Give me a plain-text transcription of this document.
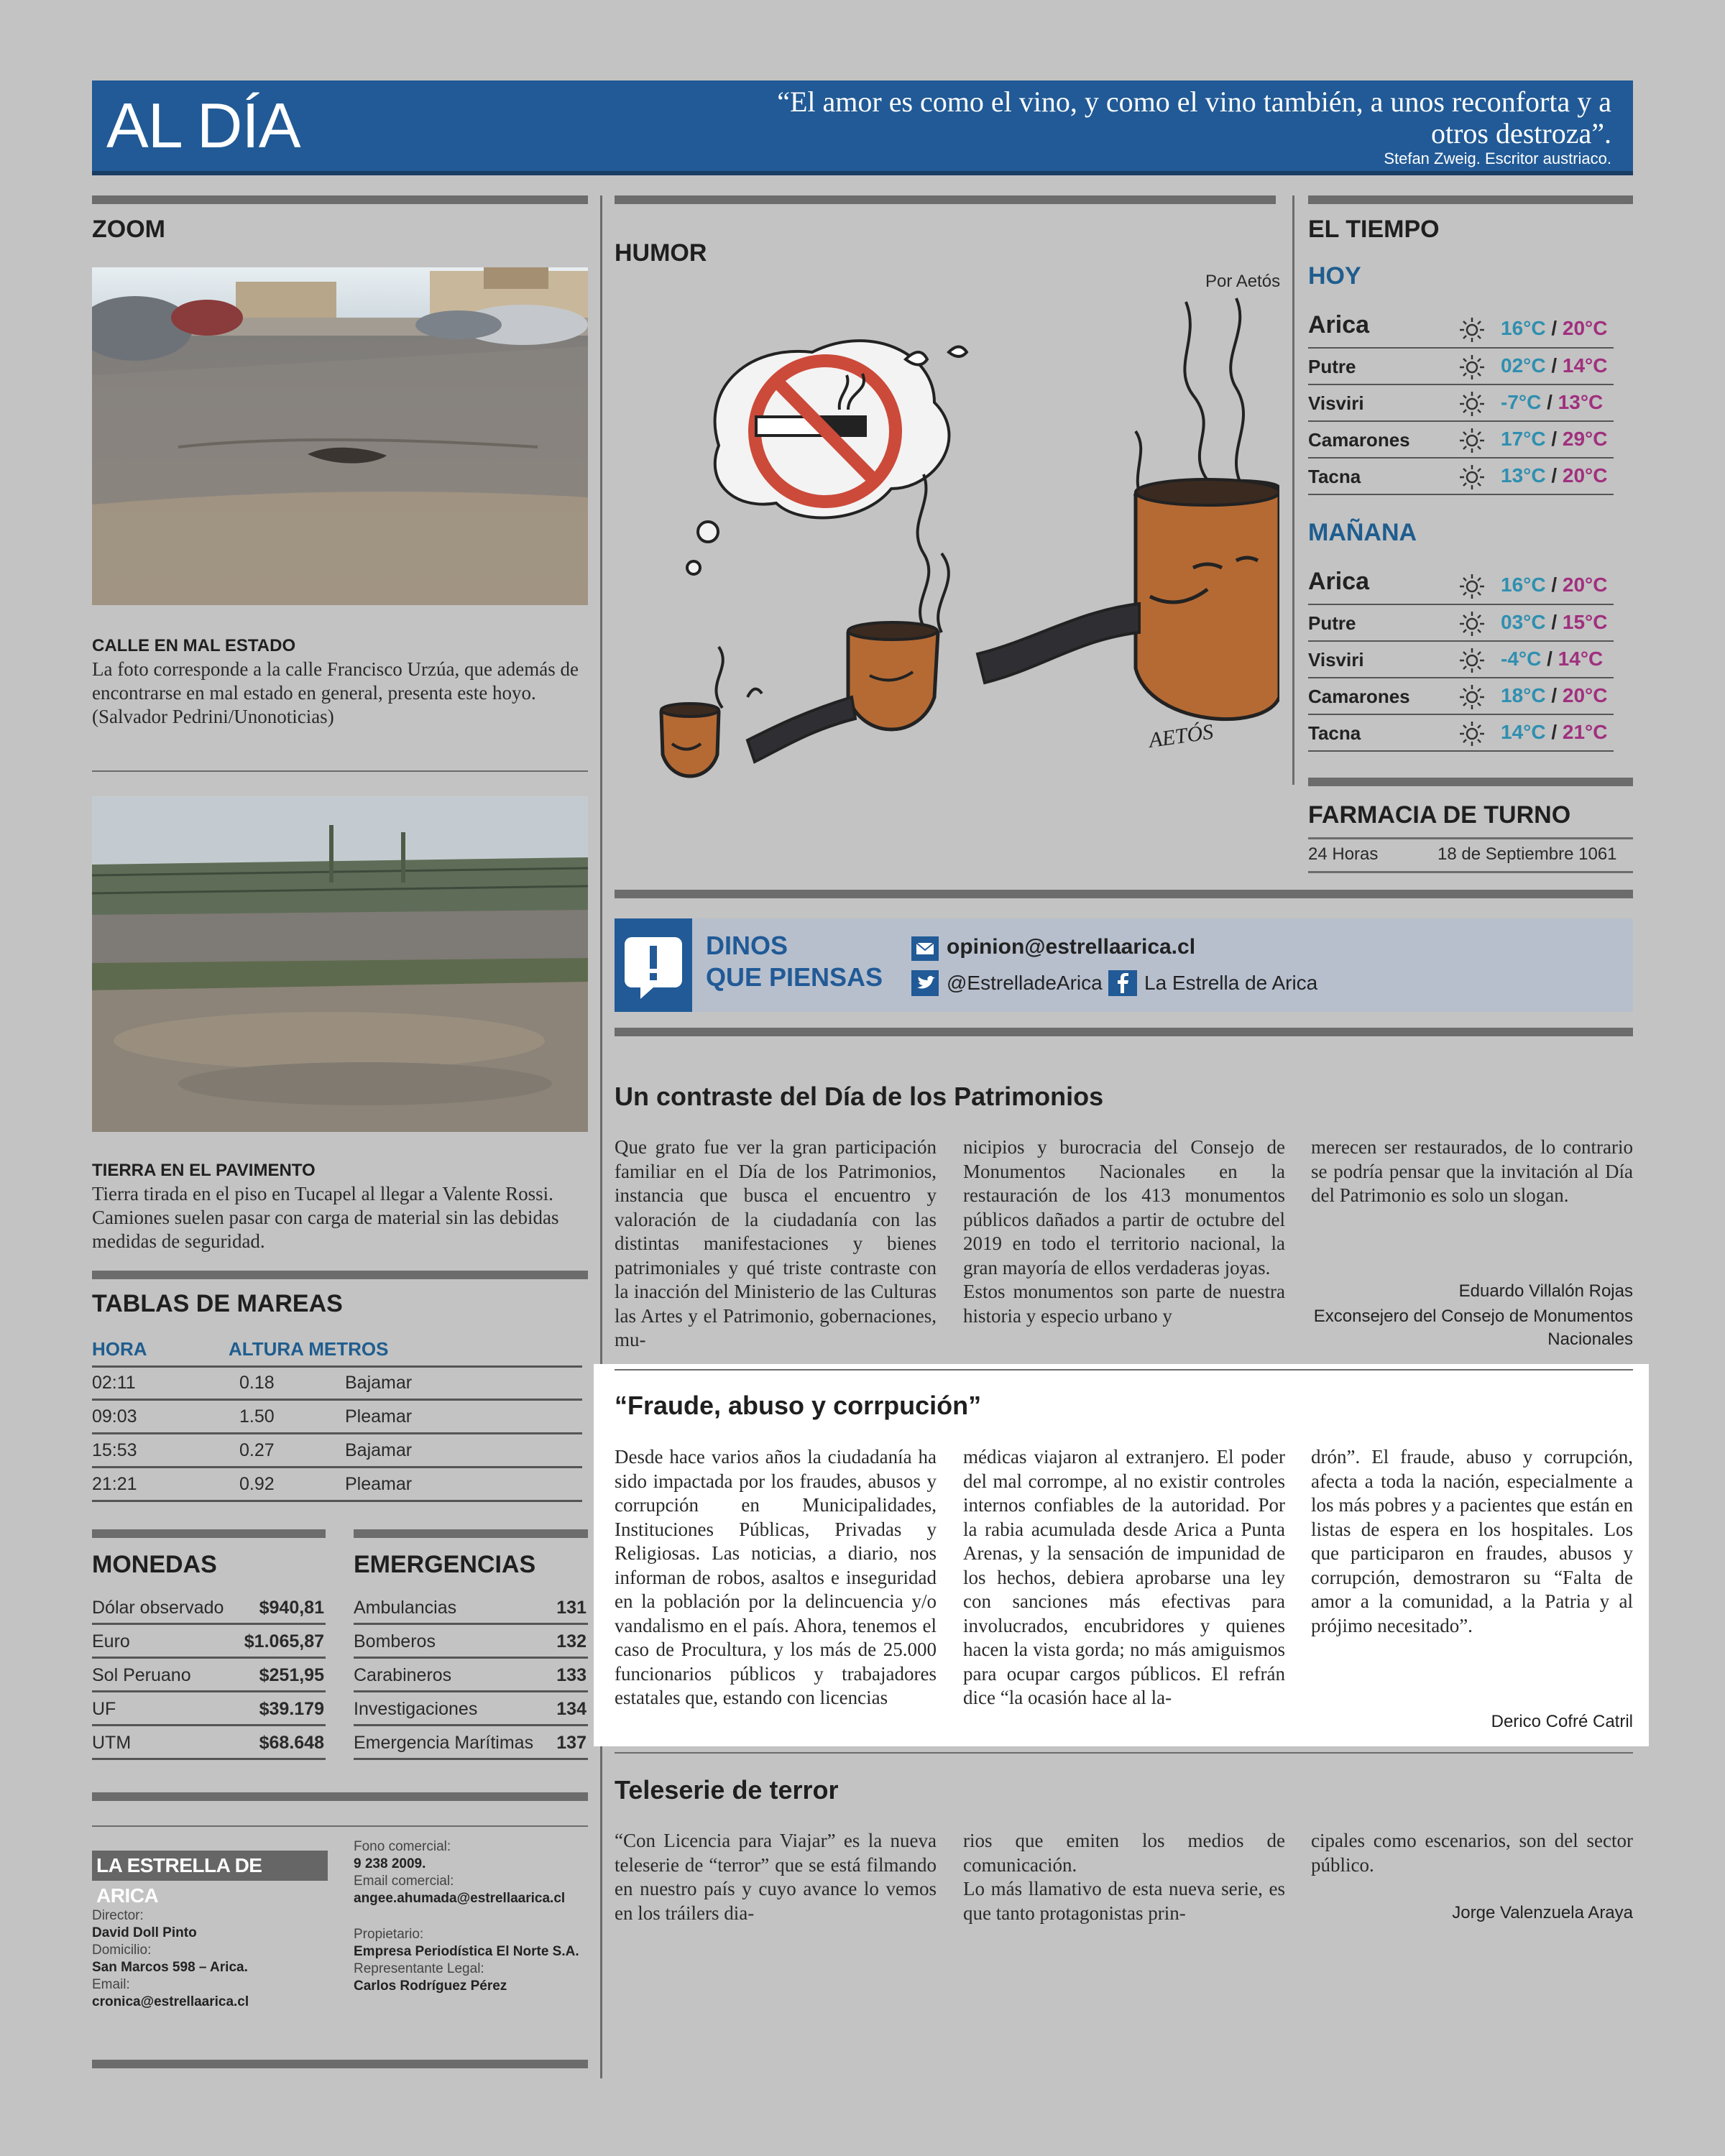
AL DÍA	“El amor es como el vino, y como el vino también, a unos reconforta y a otros destroza”.
Stefan Zweig. Escritor austriaco.
ZOOM
CALLE EN MAL ESTADO
La foto corresponde a la calle Francisco Urzúa, que además de encontrarse en mal estado en general, presenta este hoyo. (Salvador Pedrini/Unonoticias)
TIERRA EN EL PAVIMENTO
Tierra tirada en el piso en Tucapel al llegar a Valente Rossi. Camiones suelen pasar con carga de material sin las debidas medidas de seguridad.
TABLAS DE MAREAS
HORA	ALTURA METROS
02:11	0.18	Bajamar
09:03	1.50	Pleamar
15:53	0.27	Bajamar
21:21	0.92	Pleamar
MONEDAS	EMERGENCIAS
Dólar observado $940,81
Euro	$1.065,87
Sol Peruano	$251,95
UF	$39.179
UTM	$68.648
Ambulancias	131
Bomberos	132
Carabineros	133
Investigaciones	134
Emergencia Marítimas 137
LA ESTRELLA DE ARICA
Director:
David Doll Pinto
Domicilio:
San Marcos 598 – Arica.
Email:
cronica@estrellaarica.cl
Fono comercial:
9 238 2009.
Email comercial:
angee.ahumada@estrellaarica.cl
Propietario:
Empresa Periodística El Norte S.A.
Representante Legal:
Carlos Rodríguez Pérez
HUMOR
Por Aetós
AETÓS
EL TIEMPO
HOY
Arica	16°C / 20°C
Putre	02°C / 14°C
Visviri	-7°C / 13°C
Camarones	17°C / 29°C
Tacna	13°C / 20°C
MAÑANA
Arica	16°C / 20°C
Putre	03°C / 15°C
Visviri	-4°C / 14°C
Camarones	18°C / 20°C
Tacna	14°C / 21°C
FARMACIA DE TURNO
24 Horas	18 de Septiembre 1061
DINOS
QUE PIENSAS
opinion@estrellaarica.cl
@EstrelladeArica La Estrella de Arica
Un contraste del Día de los Patrimonios
Que grato fue ver la gran participación familiar en el Día de los Patrimonios, instancia que busca el encuentro y valoración de la ciudadanía con las distintas manifestaciones y bienes patrimoniales y qué triste contraste con la inacción del Ministerio de las Culturas las Artes y el Patrimonio, gobernaciones, mu-
nicipios y burocracia del Consejo de Monumentos Nacionales en la restauración de los 413 monumentos públicos dañados a partir de octubre del 2019 en todo el territorio nacional, la gran mayoría de ellos verdaderas joyas.
Estos monumentos son parte de nuestra historia y especio urbano y
merecen ser restaurados, de lo contrario se podría pensar que la invitación al Día del Patrimonio es solo un slogan.
Eduardo Villalón Rojas
Exconsejero del Consejo de Monumentos Nacionales
“Fraude, abuso y corrpución”
Desde hace varios años la ciudadanía ha sido impactada por los fraudes, abusos y corrupción en Municipalidades, Instituciones Públicas, Privadas y Religiosas. Las noticias, a diario, nos informan de robos, asaltos e inseguridad en la población por la delincuencia y/o vandalismo en el país. Ahora, tenemos el caso de Procultura, y los más de 25.000 funcionarios públicos y trabajadores estatales que, estando con licencias
médicas viajaron al extranjero. El poder del mal corrompe, al no existir controles internos confiables de la autoridad. Por la rabia acumulada desde Arica a Punta Arenas, y la sensación de impunidad de los hechos, debiera aprobarse una ley con sanciones más efectivas para involucrados, encubridores y quienes hacen la vista gorda; no más amiguismos para ocupar cargos públicos. El refrán dice “la ocasión hace al la-
drón”. El fraude, abuso y corrupción, afecta a toda la nación, especialmente a los más pobres y a pacientes que están en listas de espera en los hospitales. Los que participaron en fraudes, abusos y corrupción, demostraron su “Falta de amor a la comunidad, a la Patria y al prójimo necesitado”.
Derico Cofré Catril
Teleserie de terror
“Con Licencia para Viajar” es la nueva teleserie de “terror” que se está filmando en nuestro país y cuyo avance lo vemos en los tráilers dia-
rios que emiten los medios de comunicación.
Lo más llamativo de esta nueva serie, es que tanto protagonistas prin-
cipales como escenarios, son del sector público.
Jorge Valenzuela Araya
